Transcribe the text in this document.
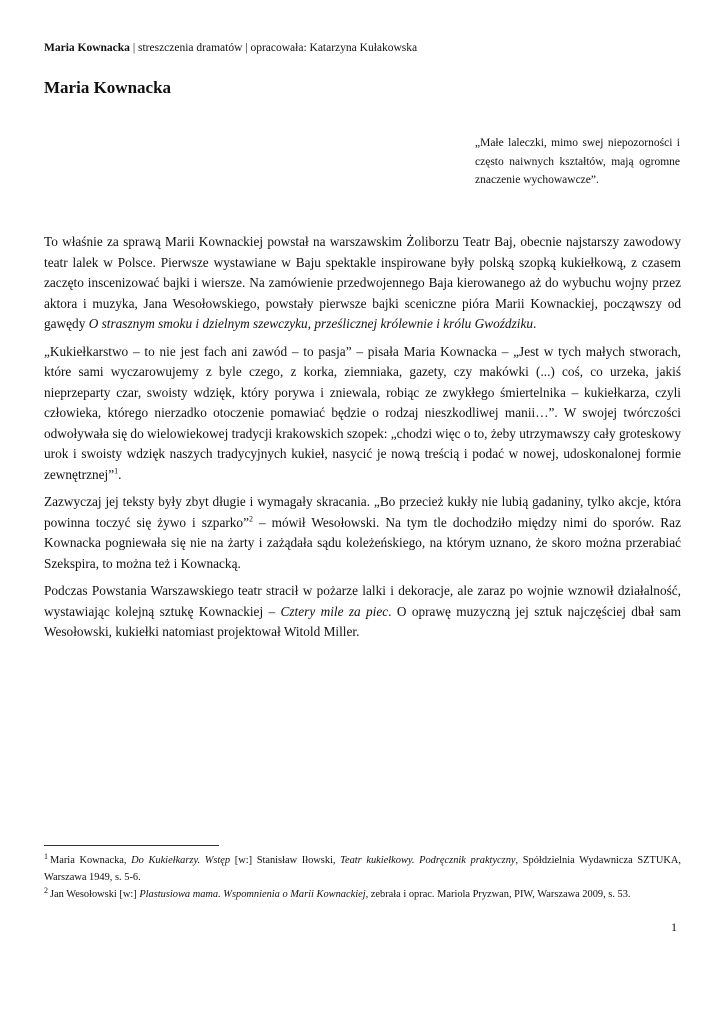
Maria Kownacka | streszczenia dramatów | opracowała: Katarzyna Kułakowska
Maria Kownacka
„Małe laleczki, mimo swej niepozorności i często naiwnych kształtów, mają ogromne znaczenie wychowawcze”.

To właśnie za sprawą Marii Kownackiej powstał na warszawskim Żoliborzu Teatr Baj, obecnie najstarszy zawodowy teatr lalek w Polsce. Pierwsze wystawiane w Baju spektakle inspirowane były polską szopką kukiełkową, z czasem zaczęto inscenizować bajki i wiersze. Na zamówienie przedwojennego Baja kierowanego aż do wybuchu wojny przez aktora i muzyka, Jana Wesołowskiego, powstały pierwsze bajki sceniczne pióra Marii Kownackiej, począwszy od gawędy O strasznym smoku i dzielnym szewczyku, prześlicznej królewnie i królu Gwoździku.

„Kukiełkarstwo – to nie jest fach ani zawód – to pasja” – pisała Maria Kownacka – „Jest w tych małych stworach, które sami wyczarowujemy z byle czego, z korka, ziemniaka, gazety, czy makówki (...) coś, co urzeka, jakiś nieprzeparty czar, swoisty wdzięk, który porywa i zniewala, robiąc ze zwykłego śmiertelnika – kukiełkarza, czyli człowieka, którego nierzadko otoczenie pomawiać będzie o rodzaj nieszkodliwej manii…”. W swojej twórczości odwoływała się do wielowiekowej tradycji krakowskich szopek: „chodzi więc o to, żeby utrzymawszy cały groteskowy urok i swoisty wdzięk naszych tradycyjnych kukieł, nasycić je nową treścią i podać w nowej, udoskonalonej formie zewnętrznej”$^1$.

Zazwyczaj jej teksty były zbyt długie i wymagały skracania. „Bo przecież kukły nie lubią gadaniny, tylko akcje, która powinna toczyć się żywo i szparko”$^2$ – mówił Wesołowski. Na tym tle dochodziło między nimi do sporów. Raz Kownacka pogniewała się nie na żarty i zażądała sądu koleżeńskiego, na którym uznano, że skoro można przerabiać Szekspira, to można też i Kownacką.

Podczas Powstania Warszawskiego teatr stracił w pożarze lalki i dekoracje, ale zaraz po wojnie wznowił działalność, wystawiając kolejną sztukę Kownackiej – Cztery mile za piec. O oprawę muzyczną jej sztuk najczęściej dbał sam Wesołowski, kukiełki natomiast projektował Witold Miller.

$^1$ Maria Kownacka, Do Kukiełkarzy. Wstęp [w:] Stanisław Iłowski, Teatr kukiełkowy. Podręcznik praktyczny, Spółdzielnia Wydawnicza SZTUKA, Warszawa 1949, s. 5-6.

$^2$ Jan Wesołowski [w:] Plastusiowa mama. Wspomnienia o Marii Kownackiej, zebrała i oprac. Mariola Pryzwan, PIW, Warszawa 2009, s. 53.

1
